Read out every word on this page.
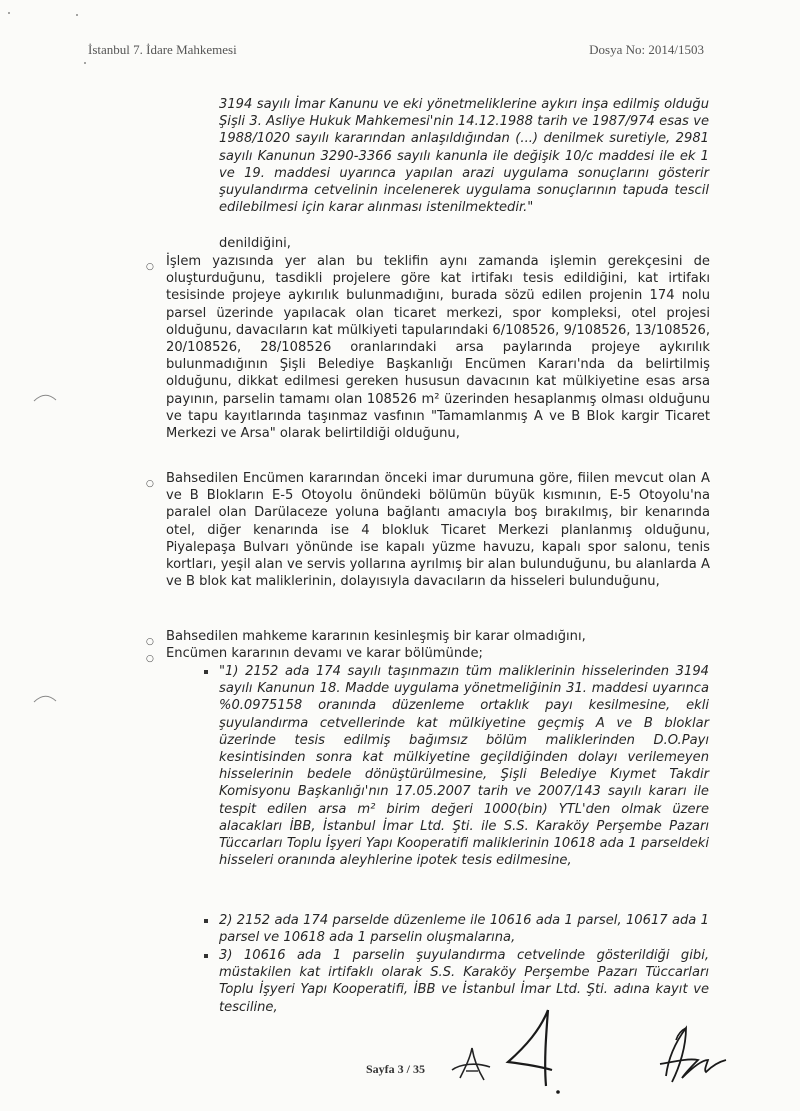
İstanbul 7. İdare Mahkemesi	Dosya No: 2014/1503

3194 sayılı İmar Kanunu ve eki yönetmeliklerine aykırı inşa edilmiş olduğu Şişli 3. Asliye Hukuk Mahkemesi'nin 14.12.1988 tarih ve 1987/974 esas ve 1988/1020 sayılı kararından anlaşıldığından (...) denilmek suretiyle, 2981 sayılı Kanunun 3290-3366 sayılı kanunla ile değişik 10/c maddesi ile ek 1 ve 19. maddesi uyarınca yapılan arazi uygulama sonuçlarını gösterir şuyulandırma cetvelinin incelenerek uygulama sonuçlarının tapuda tescil edilebilmesi için karar alınması istenilmektedir."

denildiğini,

○ İşlem yazısında yer alan bu teklifin aynı zamanda işlemin gerekçesini de oluşturduğunu, tasdikli projelere göre kat irtifakı tesis edildiğini, kat irtifakı tesisinde projeye aykırılık bulunmadığını, burada sözü edilen projenin 174 nolu parsel üzerinde yapılacak olan ticaret merkezi, spor kompleksi, otel projesi olduğunu, davacıların kat mülkiyeti tapularındaki 6/108526, 9/108526, 13/108526, 20/108526, 28/108526 oranlarındaki arsa paylarında projeye aykırılık bulunmadığının Şişli Belediye Başkanlığı Encümen Kararı'nda da belirtilmiş olduğunu, dikkat edilmesi gereken hususun davacının kat mülkiyetine esas arsa payının, parselin tamamı olan 108526 m² üzerinden hesaplanmış olması olduğunu ve tapu kayıtlarında taşınmaz vasfının "Tamamlanmış A ve B Blok kargir Ticaret Merkezi ve Arsa" olarak belirtildiği olduğunu,

○ Bahsedilen Encümen kararından önceki imar durumuna göre, fiilen mevcut olan A ve B Blokların E-5 Otoyolu önündeki bölümün büyük kısmının, E-5 Otoyolu'na paralel olan Darülaceze yoluna bağlantı amacıyla boş bırakılmış, bir kenarında otel, diğer kenarında ise 4 blokluk Ticaret Merkezi planlanmış olduğunu, Piyalepaşa Bulvarı yönünde ise kapalı yüzme havuzu, kapalı spor salonu, tenis kortları, yeşil alan ve servis yollarına ayrılmış bir alan bulunduğunu, bu alanlarda A ve B blok kat maliklerinin, dolayısıyla davacıların da hisseleri bulunduğunu,

○ Bahsedilen mahkeme kararının kesinleşmiş bir karar olmadığını,

○ Encümen kararının devamı ve karar bölümünde;

"1) 2152 ada 174 sayılı taşınmazın tüm maliklerinin hisselerinden 3194 sayılı Kanunun 18. Madde uygulama yönetmeliğinin 31. maddesi uyarınca %0.0975158 oranında düzenleme ortaklık payı kesilmesine, ekli şuyulandırma cetvellerinde kat mülkiyetine geçmiş A ve B bloklar üzerinde tesis edilmiş bağımsız bölüm maliklerinden D.O.Payı kesintisinden sonra kat mülkiyetine geçildiğinden dolayı verilemeyen hisselerinin bedele dönüştürülmesine, Şişli Belediye Kıymet Takdir Komisyonu Başkanlığı'nın 17.05.2007 tarih ve 2007/143 sayılı kararı ile tespit edilen arsa m² birim değeri 1000(bin) YTL'den olmak üzere alacakları İBB, İstanbul İmar Ltd. Şti. ile S.S. Karaköy Perşembe Pazarı Tüccarları Toplu İşyeri Yapı Kooperatifi maliklerinin 10618 ada 1 parseldeki hisseleri oranında aleyhlerine ipotek tesis edilmesine,

2) 2152 ada 174 parselde düzenleme ile 10616 ada 1 parsel, 10617 ada 1 parsel ve 10618 ada 1 parselin oluşmalarına,

3) 10616 ada 1 parselin şuyulandırma cetvelinde gösterildiği gibi, müstakilen kat irtifaklı olarak S.S. Karaköy Perşembe Pazarı Tüccarları Toplu İşyeri Yapı Kooperatifi, İBB ve İstanbul İmar Ltd. Şti. adına kayıt ve tesciline,

Sayfa 3 / 35
